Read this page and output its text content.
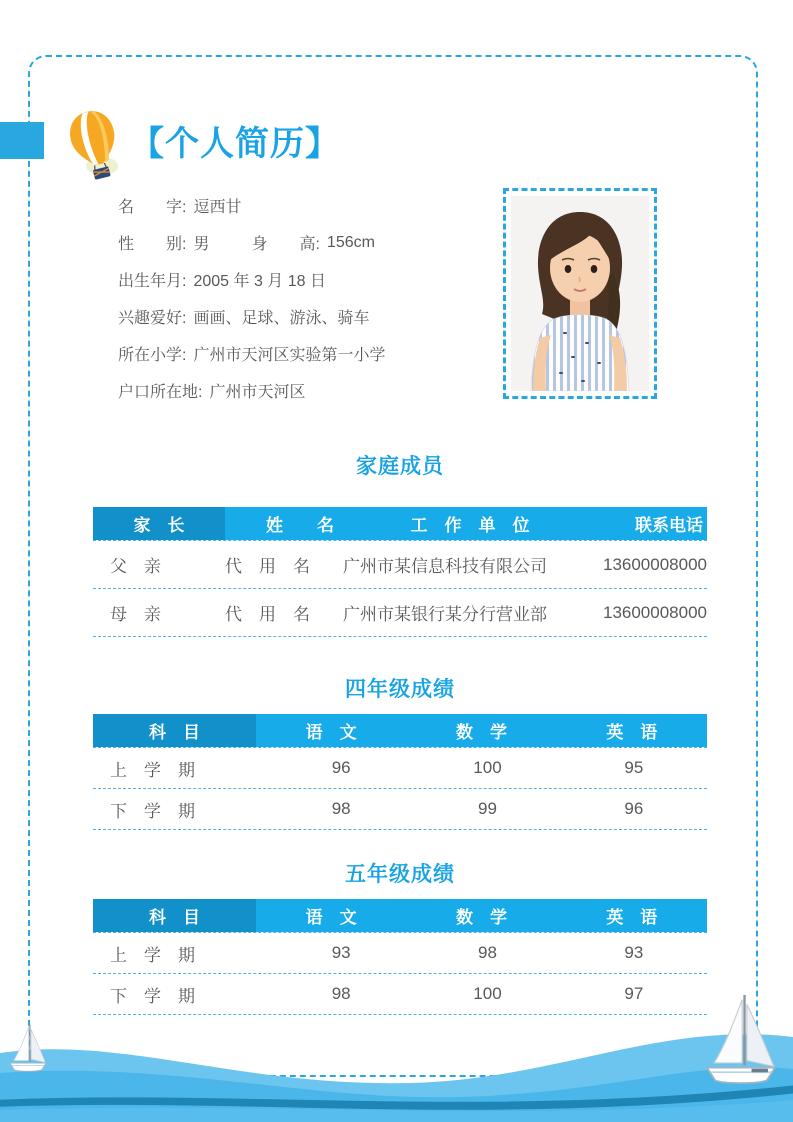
【个人简历】
名　　字: 逗西甘
性　　别: 男	身　　高: 156cm
出生年月: 2005 年 3 月 18 日
兴趣爱好: 画画、足球、游泳、骑车
所在小学: 广州市天河区实验第一小学
户口所在地: 广州市天河区
家庭成员
家　长	姓　　名	工　作　单　位	联系电话
父　亲	代　用　名	广州市某信息科技有限公司	13600008000
母　亲	代　用　名	广州市某银行某分行营业部	13600008000
四年级成绩
科　目	语　文	数　学	英　语
上　学　期	96	100	95
下　学　期	98	99	96
五年级成绩
科　目	语　文	数　学	英　语
上　学　期	93	98	93
下　学　期	98	100	97
